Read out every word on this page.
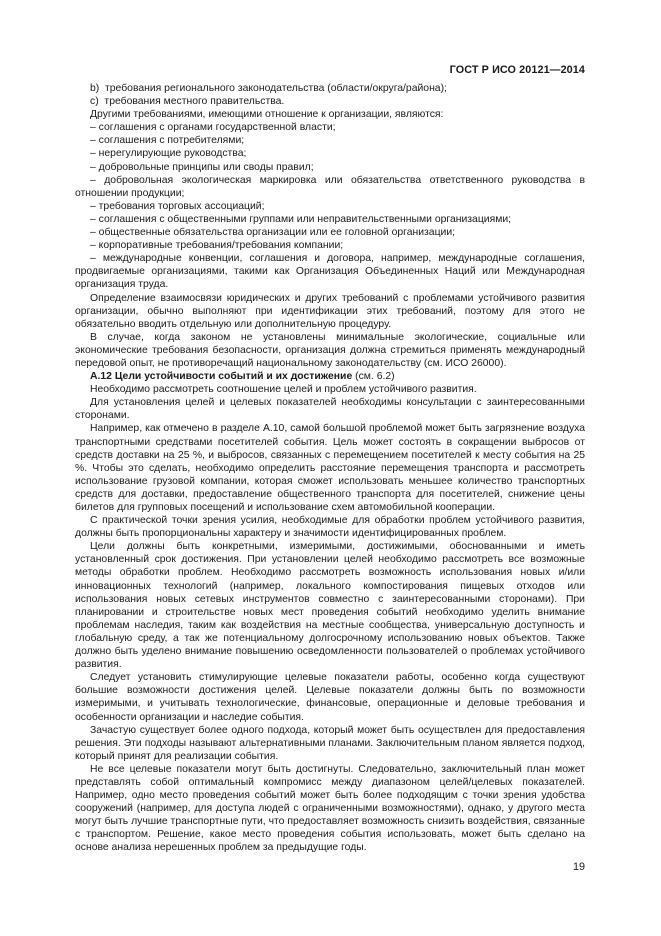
ГОСТ Р ИСО 20121—2014

b)  требования регионального законодательства (области/округа/района);

c)  требования местного правительства.

Другими требованиями, имеющими отношение к организации, являются:

– соглашения с органами государственной власти;

– соглашения с потребителями;

– нерегулирующие руководства;

– добровольные принципы или своды правил;

– добровольная экологическая маркировка или обязательства ответственного руководства в отношении продукции;

– требования торговых ассоциаций;

– соглашения с общественными группами или неправительственными организациями;

– общественные обязательства организации или ее головной организации;

– корпоративные требования/требования компании;

– международные конвенции, соглашения и договора, например, международные соглашения, продвигаемые организациями, такими как Организация Объединенных Наций или Международная организация труда.

Определение взаимосвязи юридических и других требований с проблемами устойчивого развития организации, обычно выполняют при идентификации этих требований, поэтому для этого не обязательно вводить отдельную или дополнительную процедуру.

В случае, когда законом не установлены минимальные экологические, социальные или экономические требования безопасности, организация должна стремиться применять международный передовой опыт, не противоречащий национальному законодательству (см. ИСО 26000).

А.12 Цели устойчивости событий и их достижение (см. 6.2)

Необходимо рассмотреть соотношение целей и проблем устойчивого развития.

Для установления целей и целевых показателей необходимы консультации с заинтересованными сторонами.

Например, как отмечено в разделе А.10, самой большой проблемой может быть загрязнение воздуха транспортными средствами посетителей события. Цель может состоять в сокращении выбросов от средств доставки на 25 %, и выбросов, связанных с перемещением посетителей к месту события на 25 %. Чтобы это сделать, необходимо определить расстояние перемещения транспорта и рассмотреть использование грузовой компании, которая сможет использовать меньшее количество транспортных средств для доставки, предоставление общественного транспорта для посетителей, снижение цены билетов для групповых посещений и использование схем автомобильной кооперации.

С практической точки зрения усилия, необходимые для обработки проблем устойчивого развития, должны быть пропорциональны характеру и значимости идентифицированных проблем.

Цели должны быть конкретными, измеримыми, достижимыми, обоснованными и иметь установленный срок достижения. При установлении целей необходимо рассмотреть все возможные методы обработки проблем. Необходимо рассмотреть возможность использования новых и/или инновационных технологий (например, локального компостирования пищевых отходов или использования новых сетевых инструментов совместно с заинтересованными сторонами). При планировании и строительстве новых мест проведения событий необходимо уделить внимание проблемам наследия, таким как воздействия на местные сообщества, универсальную доступность и глобальную среду, а так же потенциальному долгосрочному использованию новых объектов. Также должно быть уделено внимание повышению осведомленности пользователей о проблемах устойчивого развития.

Следует установить стимулирующие целевые показатели работы, особенно когда существуют большие возможности достижения целей. Целевые показатели должны быть по возможности измеримыми, и учитывать технологические, финансовые, операционные и деловые требования и особенности организации и наследие события.

Зачастую существует более одного подхода, который может быть осуществлен для предоставления решения. Эти подходы называют альтернативными планами. Заключительным планом является подход, который принят для реализации события.

Не все целевые показатели могут быть достигнуты. Следовательно, заключительный план может представлять собой оптимальный компромисс между диапазоном целей/целевых показателей. Например, одно место проведения событий может быть более подходящим с точки зрения удобства сооружений (например, для доступа людей с ограниченными возможностями), однако, у другого места могут быть лучшие транспортные пути, что предоставляет возможность снизить воздействия, связанные с транспортом. Решение, какое место проведения события использовать, может быть сделано на основе анализа нерешенных проблем за предыдущие годы.

19
